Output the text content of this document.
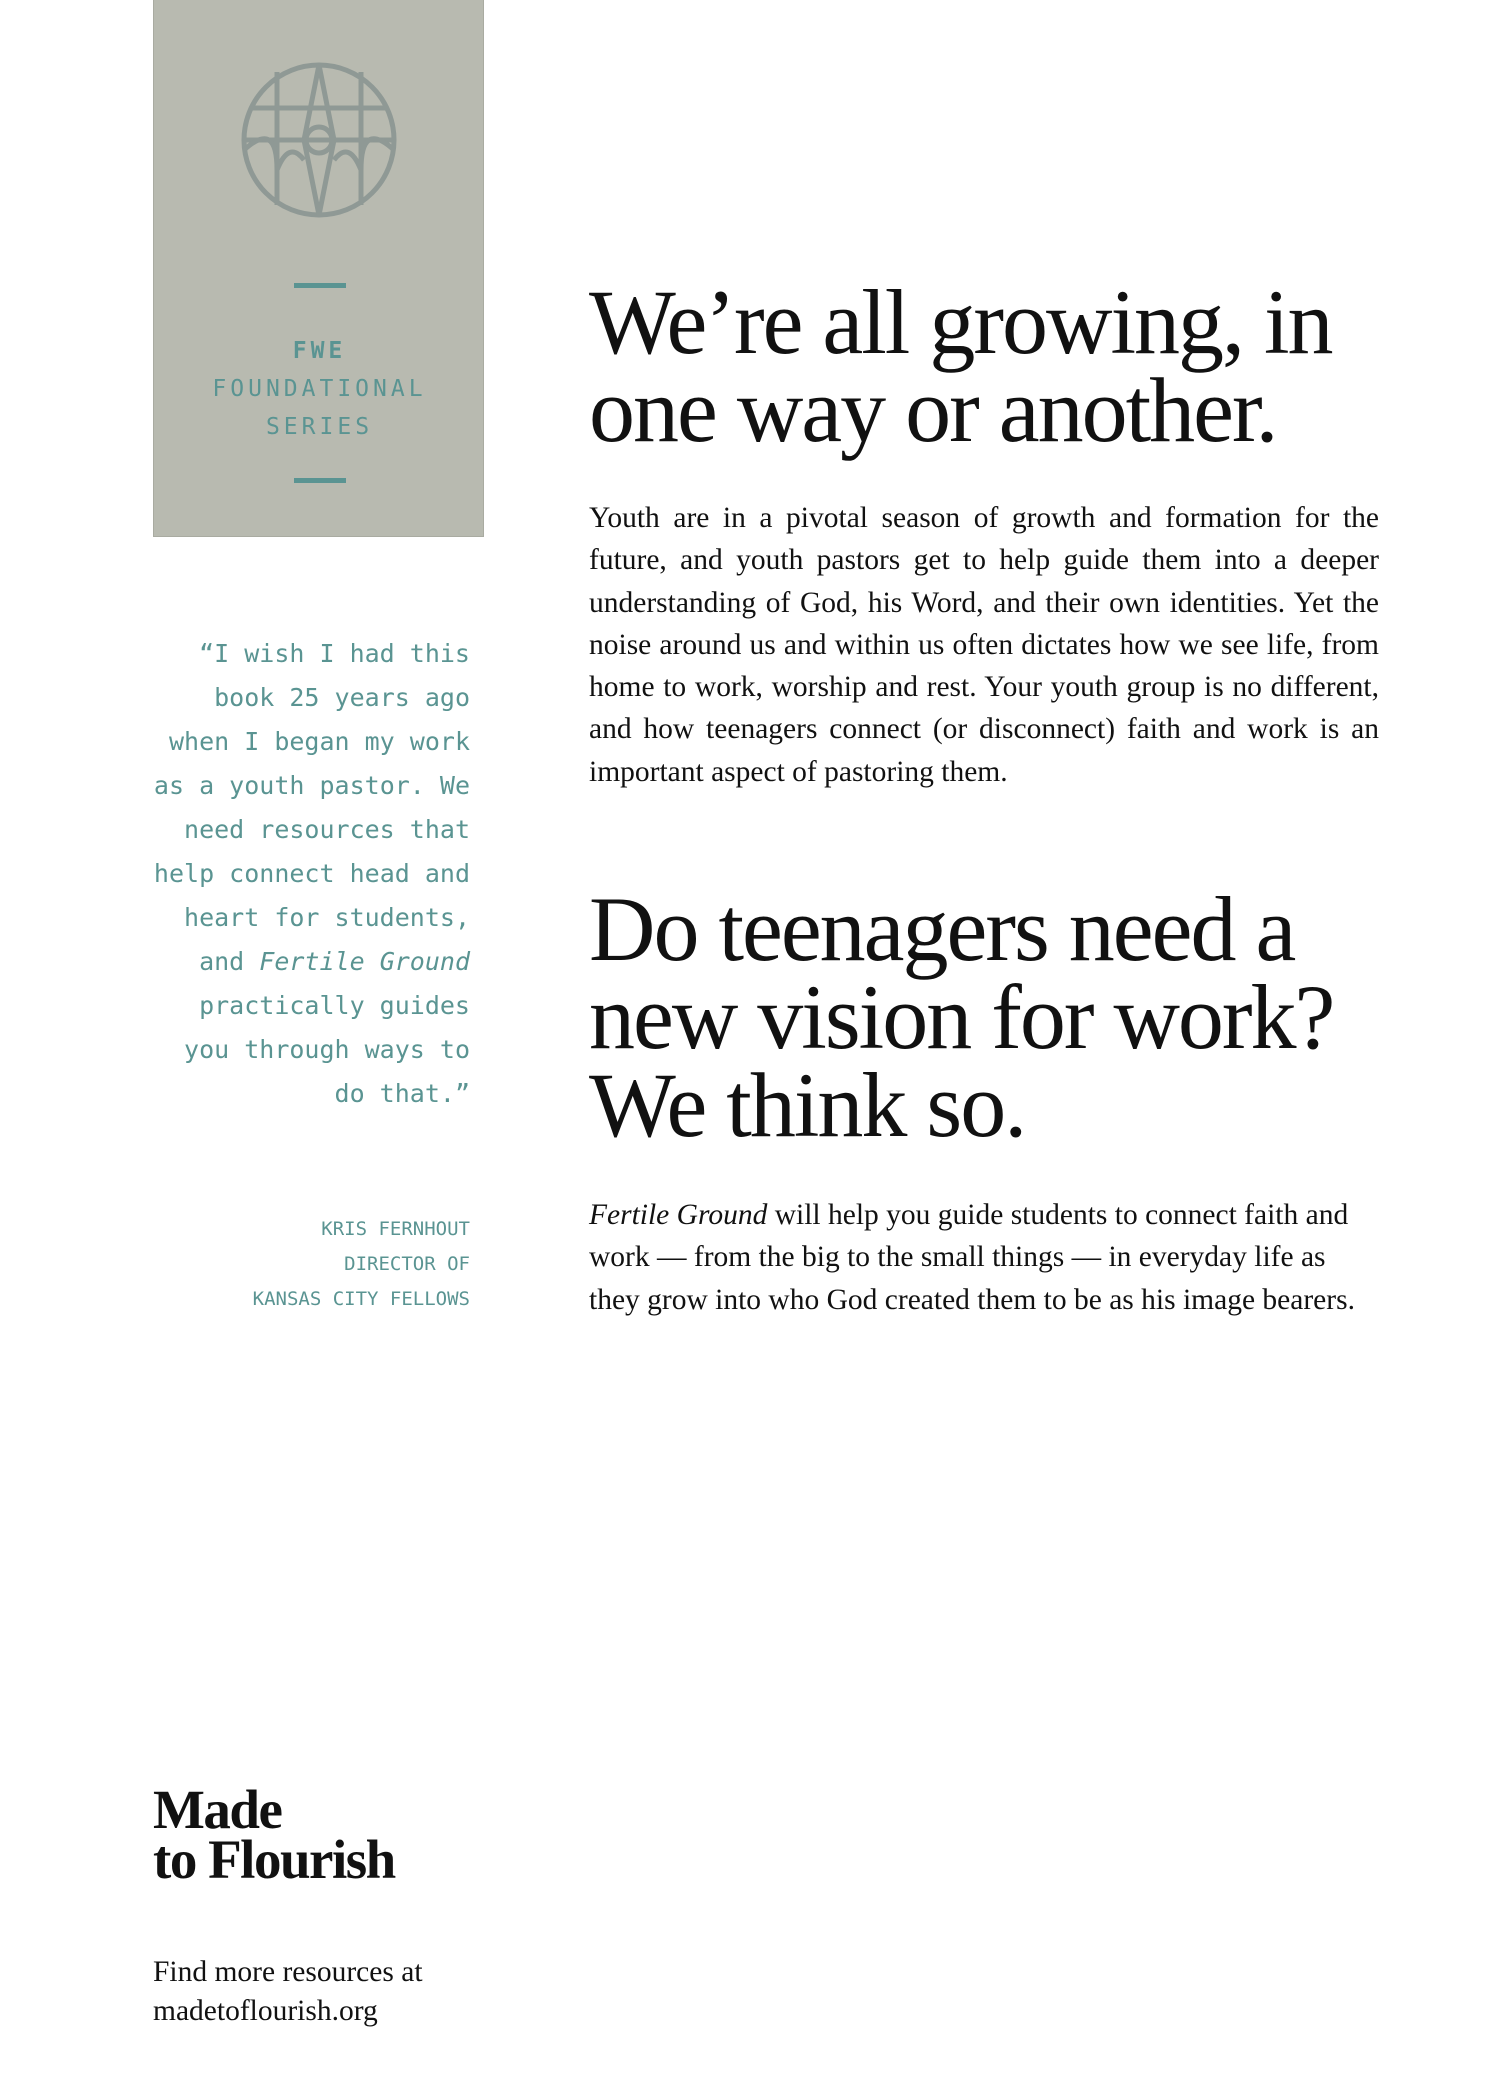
FWE
FOUNDATIONAL
SERIES
“I wish I had this book 25 years ago when I began my work as a youth pastor. We need resources that help connect head and heart for students, and Fertile Ground practically guides you through ways to do that.”
KRIS FERNHOUT
DIRECTOR OF
KANSAS CITY FELLOWS
We’re all growing, in
one way or another.

Youth are in a pivotal season of growth and formation for the future, and youth pastors get to help guide them into a deeper understanding of God, his Word, and their own identities. Yet the noise around us and within us often dictates how we see life, from home to work, worship and rest. Your youth group is no different, and how teenagers connect (or disconnect) faith and work is an important aspect of pastoring them.

Do teenagers need a
new vision for work?
We think so.

Fertile Ground will help you guide students to connect faith and work — from the big to the small things — in everyday life as they grow into who God created them to be as his image bearers.

Made
to Flourish
Find more resources at
madetoflourish.org
